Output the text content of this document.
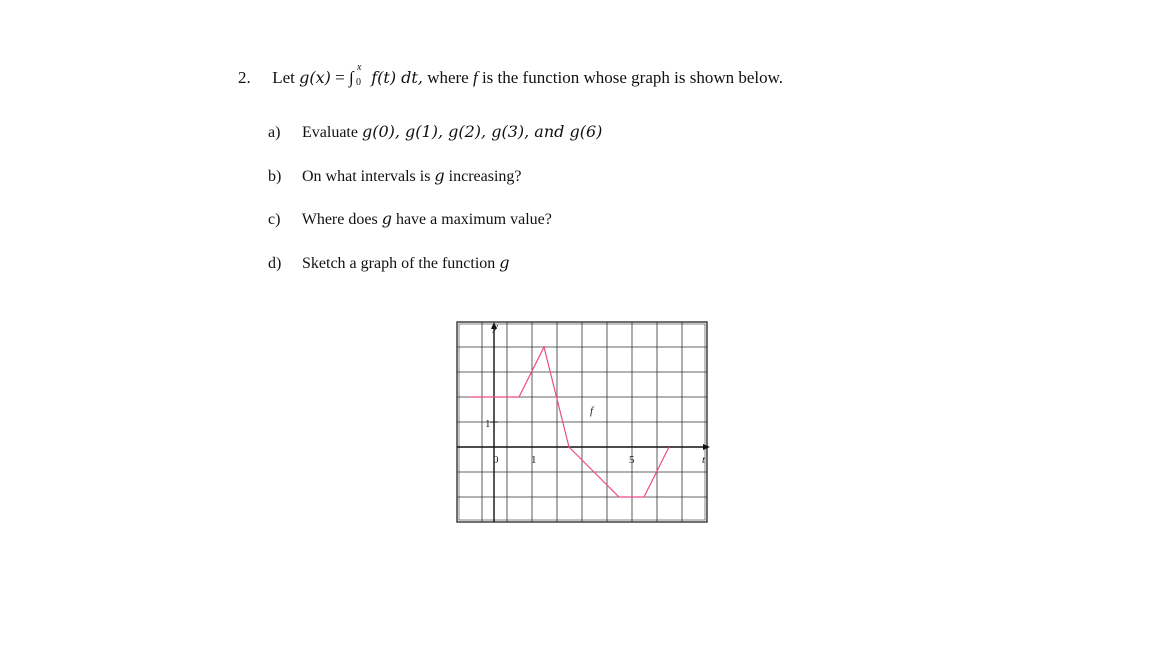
2. Let g(x) = ∫
x
0 f(t) dt, where f is the function whose graph is shown below.
a) Evaluate g(0), g(1), g(2), g(3), and g(6)
b) On what intervals is g increasing?
c) Where does g have a maximum value?
d) Sketch a graph of the function g
y
t
f
1
0	1	5
